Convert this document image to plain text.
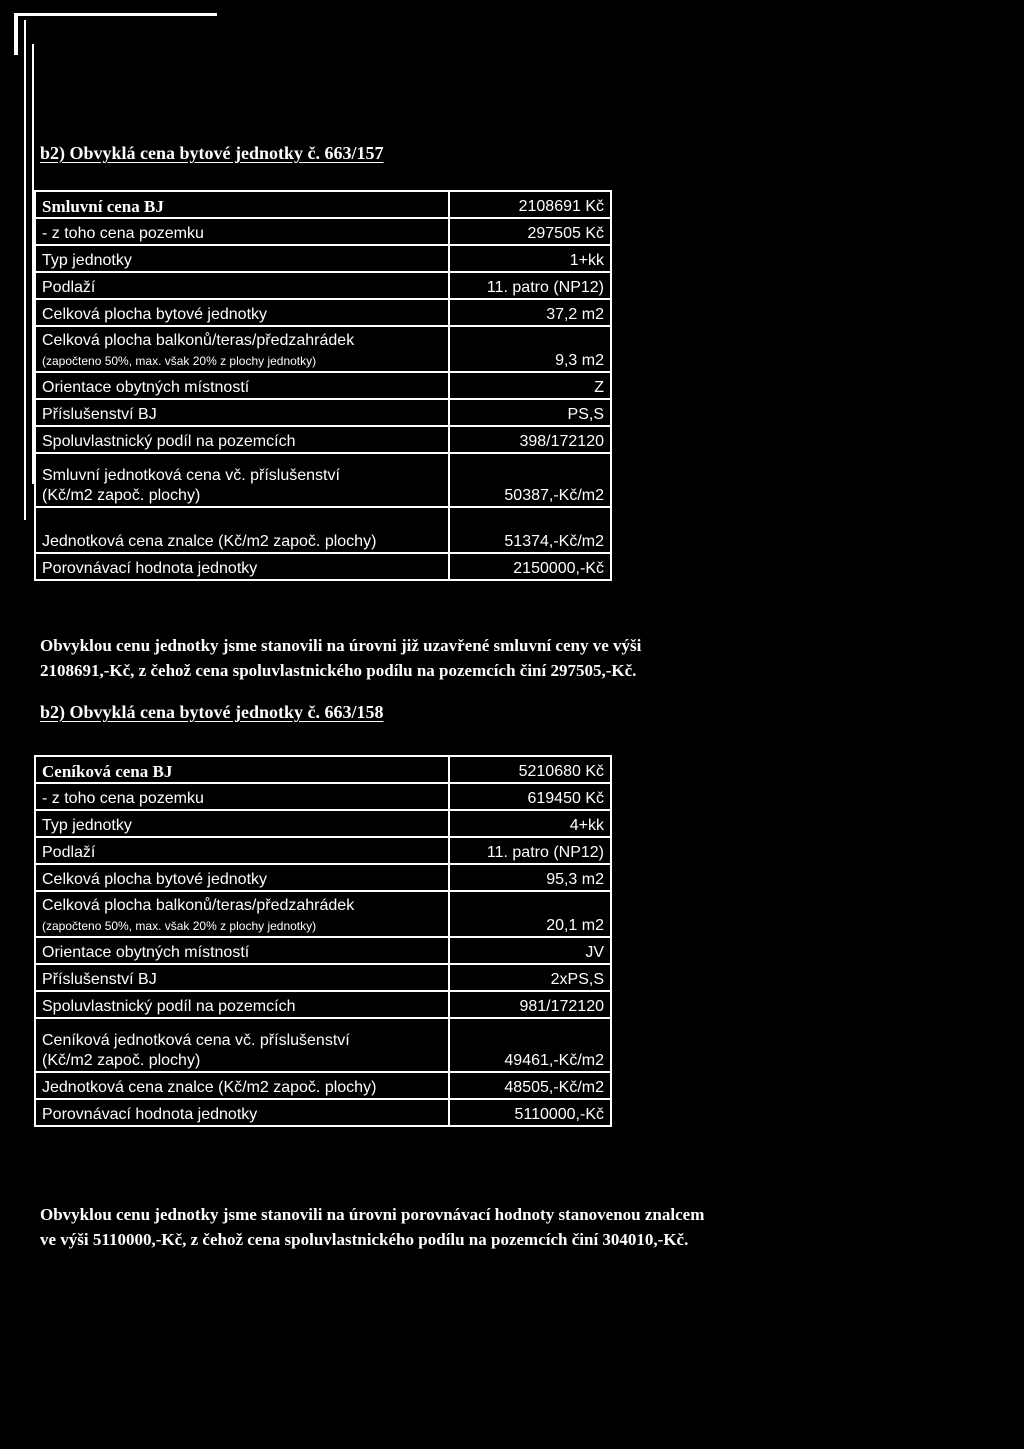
b2) Obvyklá cena bytové jednotky č. 663/157
Smluvní cena BJ	2108691 Kč
- z toho cena pozemku	297505 Kč
Typ jednotky	1+kk
Podlaží	11. patro (NP12)
Celková plocha bytové jednotky	37,2 m2

Celková plocha balkonů/teras/předzahrádek
(započteno 50%, max. však 20% z plochy jednotky)	9,3 m2
Orientace obytných místností	Z
Příslušenství BJ	PS,S
Spoluvlastnický podíl na pozemcích	398/172120

Smluvní jednotková cena vč. příslušenství
(Kč/m2 započ. plochy)	50387,-Kč/m2
Jednotková cena znalce (Kč/m2 započ. plochy)	51374,-Kč/m2
Porovnávací hodnota jednotky	2150000,-Kč
Obvyklou cenu jednotky jsme stanovili na úrovni již uzavřené smluvní ceny ve výši
2108691,-Kč, z čehož cena spoluvlastnického podílu na pozemcích činí 297505,-Kč.
b2) Obvyklá cena bytové jednotky č. 663/158
Ceníková cena BJ	5210680 Kč
- z toho cena pozemku	619450 Kč
Typ jednotky	4+kk
Podlaží	11. patro (NP12)
Celková plocha bytové jednotky	95,3 m2

Celková plocha balkonů/teras/předzahrádek
(započteno 50%, max. však 20% z plochy jednotky)	20,1 m2
Orientace obytných místností	JV
Příslušenství BJ	2xPS,S
Spoluvlastnický podíl na pozemcích	981/172120

Ceníková jednotková cena vč. příslušenství
(Kč/m2 započ. plochy)	49461,-Kč/m2
Jednotková cena znalce (Kč/m2 započ. plochy)	48505,-Kč/m2
Porovnávací hodnota jednotky	5110000,-Kč
Obvyklou cenu jednotky jsme stanovili na úrovni porovnávací hodnoty stanovenou znalcem
ve výši 5110000,-Kč, z čehož cena spoluvlastnického podílu na pozemcích činí 304010,-Kč.
